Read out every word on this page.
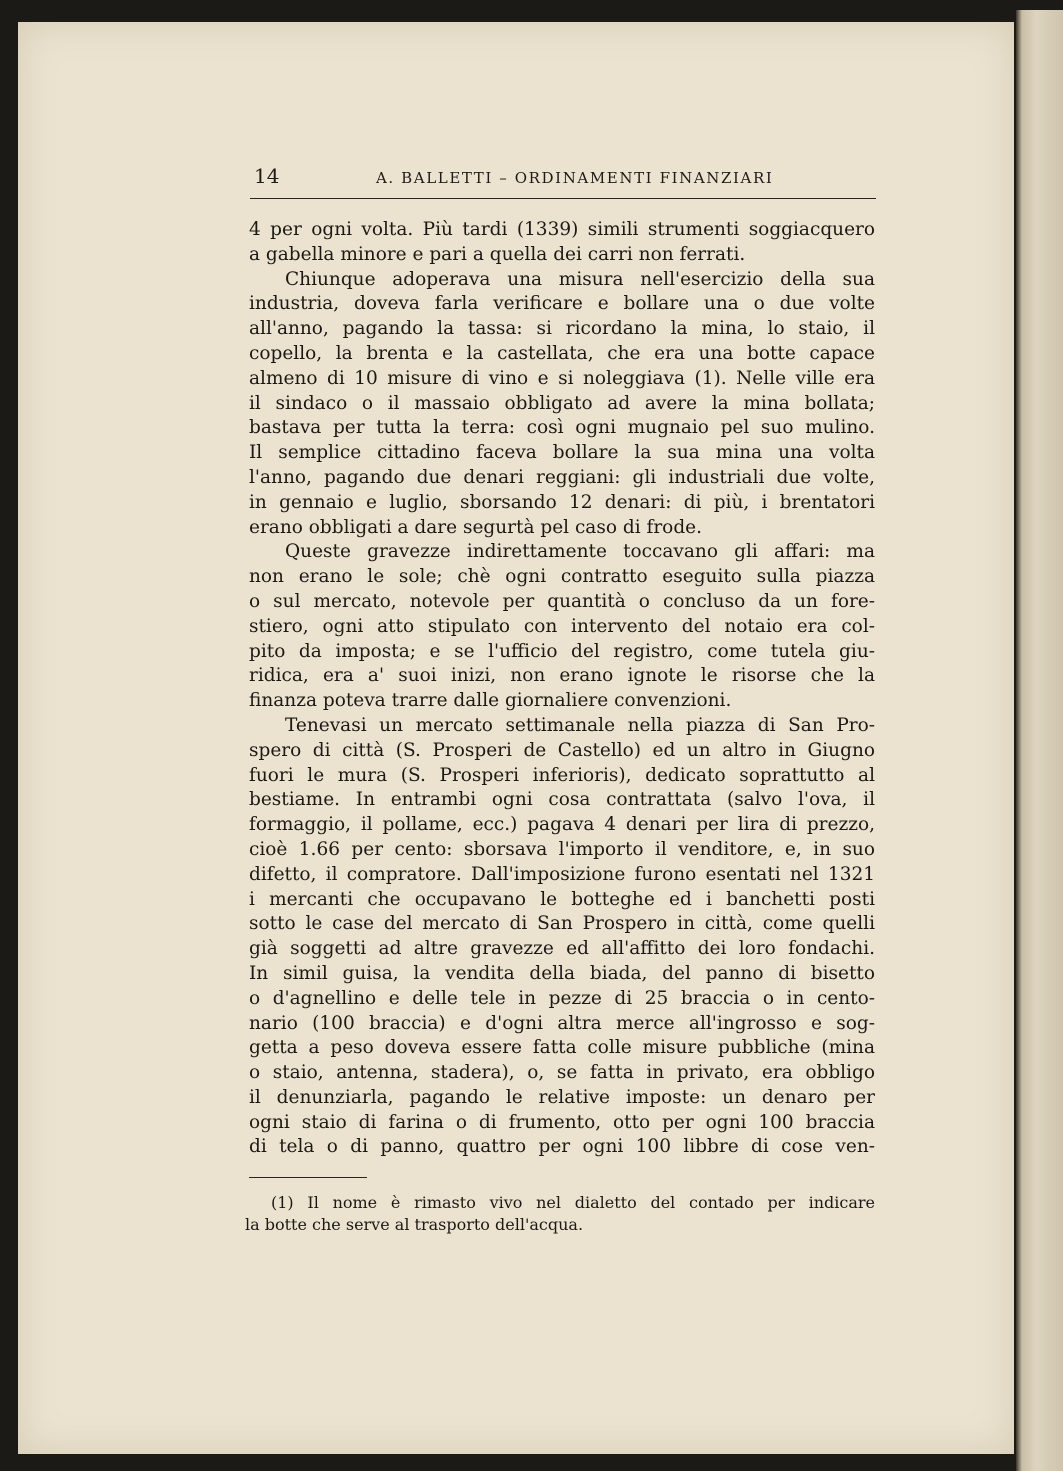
14	A. BALLETTI – ORDINAMENTI FINANZIARI

4 per ogni volta. Più tardi (1339) simili strumenti soggiacquero
a gabella minore e pari a quella dei carri non ferrati.

Chiunque adoperava una misura nell'esercizio della sua
industria, doveva farla verificare e bollare una o due volte
all'anno, pagando la tassa: si ricordano la mina, lo staio, il
copello, la brenta e la castellata, che era una botte capace
almeno di 10 misure di vino e si noleggiava (1). Nelle ville era
il sindaco o il massaio obbligato ad avere la mina bollata;
bastava per tutta la terra: così ogni mugnaio pel suo mulino.
Il semplice cittadino faceva bollare la sua mina una volta
l'anno, pagando due denari reggiani: gli industriali due volte,
in gennaio e luglio, sborsando 12 denari: di più, i brentatori
erano obbligati a dare segurtà pel caso di frode.

Queste gravezze indirettamente toccavano gli affari: ma
non erano le sole; chè ogni contratto eseguito sulla piazza
o sul mercato, notevole per quantità o concluso da un fore-
stiero, ogni atto stipulato con intervento del notaio era col-
pito da imposta; e se l'ufficio del registro, come tutela giu-
ridica, era a' suoi inizi, non erano ignote le risorse che la
finanza poteva trarre dalle giornaliere convenzioni.

Tenevasi un mercato settimanale nella piazza di San Pro-
spero di città (S. Prosperi de Castello) ed un altro in Giugno
fuori le mura (S. Prosperi inferioris), dedicato soprattutto al
bestiame. In entrambi ogni cosa contrattata (salvo l'ova, il
formaggio, il pollame, ecc.) pagava 4 denari per lira di prezzo,
cioè 1.66 per cento: sborsava l'importo il venditore, e, in suo
difetto, il compratore. Dall'imposizione furono esentati nel 1321
i mercanti che occupavano le botteghe ed i banchetti posti
sotto le case del mercato di San Prospero in città, come quelli
già soggetti ad altre gravezze ed all'affitto dei loro fondachi.
In simil guisa, la vendita della biada, del panno di bisetto
o d'agnellino e delle tele in pezze di 25 braccia o in cento-
nario (100 braccia) e d'ogni altra merce all'ingrosso e sog-
getta a peso doveva essere fatta colle misure pubbliche (mina
o staio, antenna, stadera), o, se fatta in privato, era obbligo
il denunziarla, pagando le relative imposte: un denaro per
ogni staio di farina o di frumento, otto per ogni 100 braccia
di tela o di panno, quattro per ogni 100 libbre di cose ven-

(1) Il nome è rimasto vivo nel dialetto del contado per indicare
la botte che serve al trasporto dell'acqua.
